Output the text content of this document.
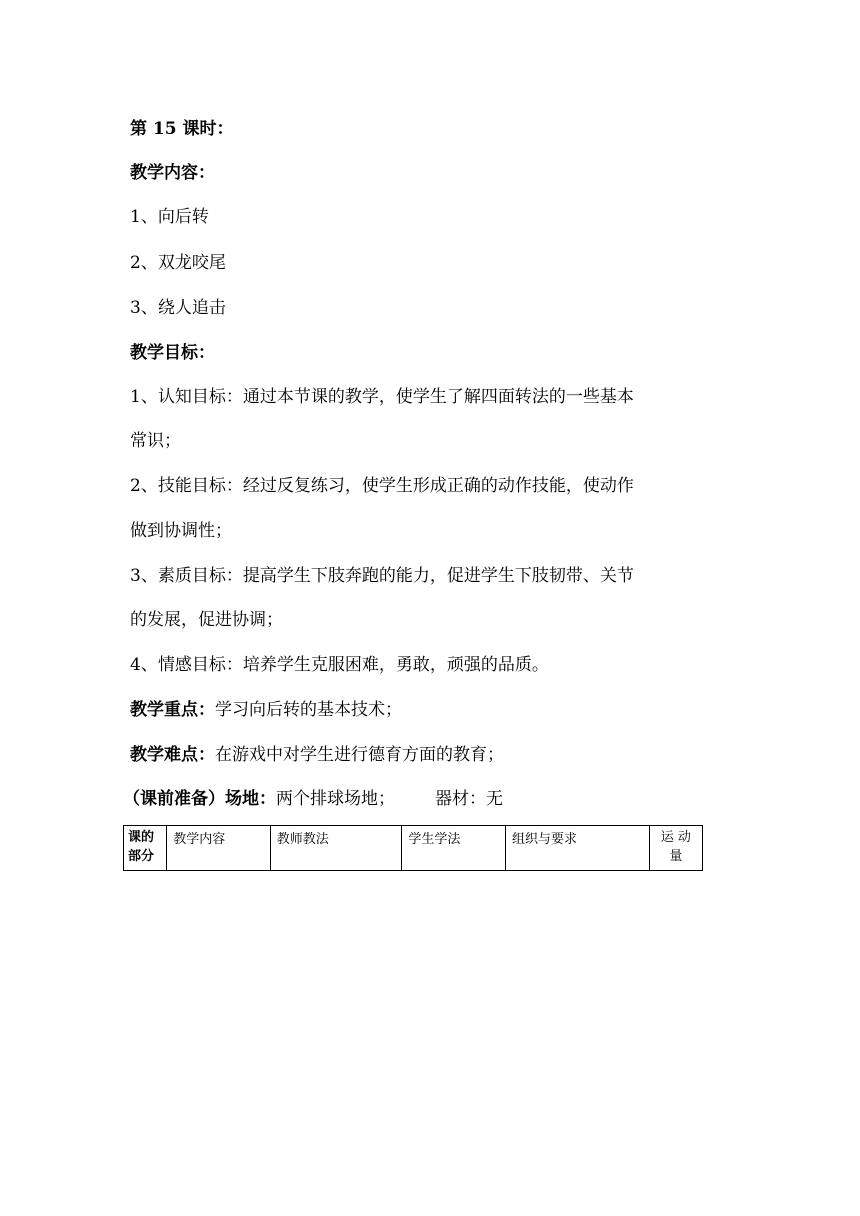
第 15 课时：
教学内容：
1、向后转
2、双龙咬尾
3、绕人追击
教学目标：
1、认知目标：通过本节课的教学，使学生了解四面转法的一些基本
常识；
2、技能目标：经过反复练习，使学生形成正确的动作技能，使动作
做到协调性；
3、素质目标：提高学生下肢奔跑的能力，促进学生下肢韧带、关节
的发展，促进协调；
4、情感目标：培养学生克服困难，勇敢，顽强的品质。
教学重点：学习向后转的基本技术；
教学难点：在游戏中对学生进行德育方面的教育；
（课前准备）场地：两个排球场地； 器材：无
课的部分	教学内容	教师教法	学生学法	组织与要求	运 动 量
